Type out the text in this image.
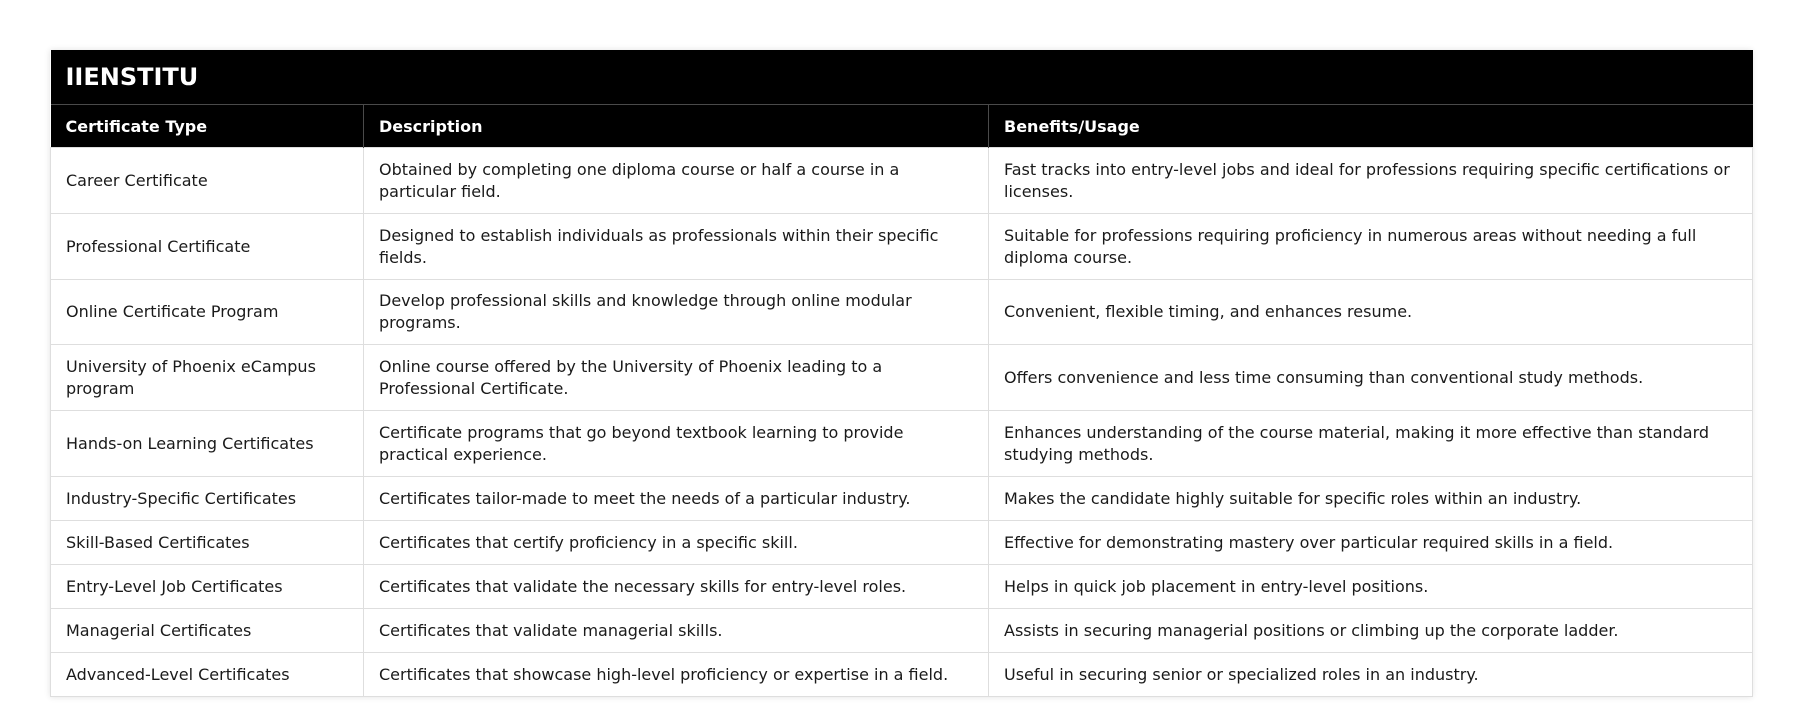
IIENSTITU		
Certificate Type	Description	Benefits/Usage
Career Certificate	Obtained by completing one diploma course or half a course in a particular field.	Fast tracks into entry-level jobs and ideal for professions requiring specific certifications or licenses.
Professional Certificate	Designed to establish individuals as professionals within their specific fields.	Suitable for professions requiring proficiency in numerous areas without needing a full diploma course.
Online Certificate Program	Develop professional skills and knowledge through online modular programs.	Convenient, flexible timing, and enhances resume.
University of Phoenix eCampus program	Online course offered by the University of Phoenix leading to a Professional Certificate.	Offers convenience and less time consuming than conventional study methods.
Hands-on Learning Certificates	Certificate programs that go beyond textbook learning to provide practical experience.	Enhances understanding of the course material, making it more effective than standard studying methods.
Industry-Specific Certificates	Certificates tailor-made to meet the needs of a particular industry.	Makes the candidate highly suitable for specific roles within an industry.
Skill-Based Certificates	Certificates that certify proficiency in a specific skill.	Effective for demonstrating mastery over particular required skills in a field.
Entry-Level Job Certificates	Certificates that validate the necessary skills for entry-level roles.	Helps in quick job placement in entry-level positions.
Managerial Certificates	Certificates that validate managerial skills.	Assists in securing managerial positions or climbing up the corporate ladder.
Advanced-Level Certificates	Certificates that showcase high-level proficiency or expertise in a field.	Useful in securing senior or specialized roles in an industry.
